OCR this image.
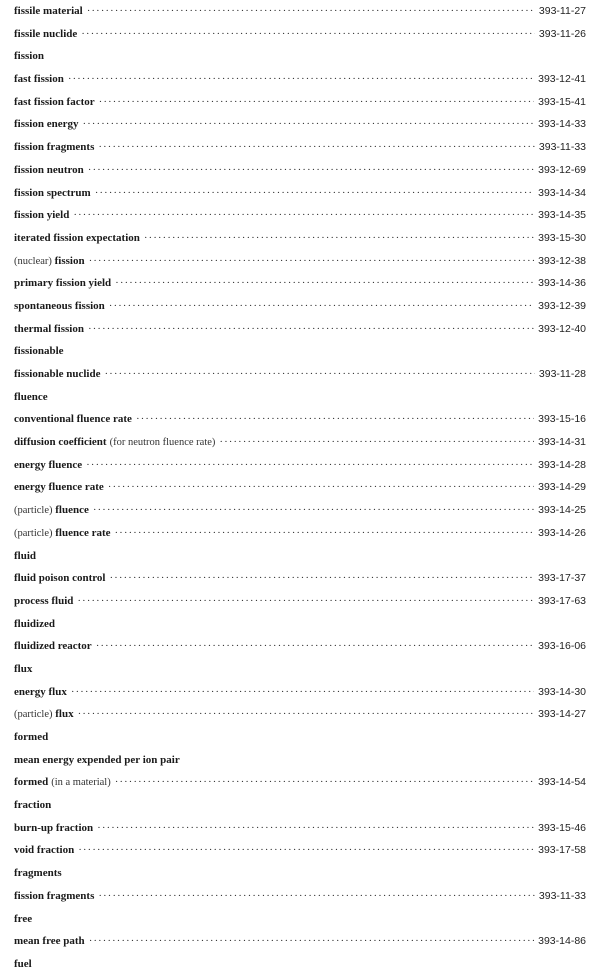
fissile material ·····	393-11-27
fissile nuclide ·····	393-11-26
fission
fast fission ·····	393-12-41
fast fission factor ·····	393-15-41
fission energy ·····	393-14-33
fission fragments ·····	393-11-33
fission neutron ·····	393-12-69
fission spectrum ·····	393-14-34
fission yield ·····	393-14-35
iterated fission expectation ·····	393-15-30
(nuclear) fission ·····	393-12-38
primary fission yield ·····	393-14-36
spontaneous fission ·····	393-12-39
thermal fission ·····	393-12-40
fissionable
fissionable nuclide ·····	393-11-28
fluence
conventional fluence rate ·····	393-15-16
diffusion coefficient (for neutron fluence rate) ·····	393-14-31
energy fluence ·····	393-14-28
energy fluence rate ·····	393-14-29
(particle) fluence ·····	393-14-25
(particle) fluence rate ·····	393-14-26
fluid
fluid poison control ·····	393-17-37
process fluid ·····	393-17-63
fluidized
fluidized reactor ·····	393-16-06
flux
energy flux ·····	393-14-30
(particle) flux ·····	393-14-27
formed
mean energy expended per ion pair
formed (in a material) ·····	393-14-54
fraction
burn-up fraction ·····	393-15-46
void fraction ·····	393-17-58
fragments
fission fragments ·····	393-11-33
free
mean free path ·····	393-14-86
fuel
